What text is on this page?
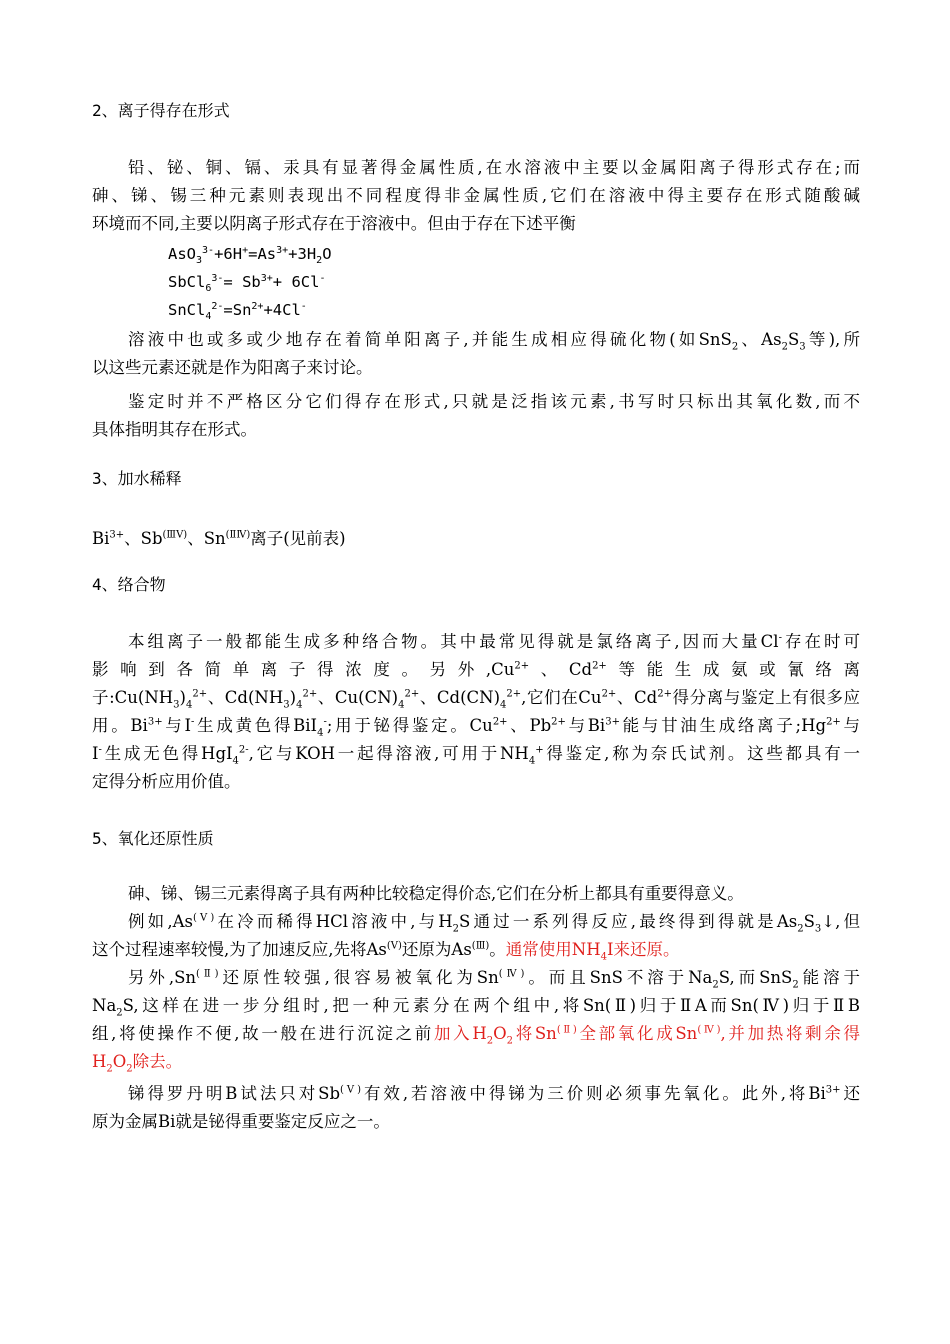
2、离子得存在形式
铅、铋、铜、镉、汞具有显著得金属性质,在水溶液中主要以金属阳离子得形式存在;而
砷、锑、锡三种元素则表现出不同程度得非金属性质,它们在溶液中得主要存在形式随酸碱
环境而不同,主要以阴离子形式存在于溶液中。但由于存在下述平衡
$AsO_3^{3-}+6H^+=As^{3+}+3H_2O$
SbCl$_6^{3-}$= $Sb^{3+}+ 6Cl^-$
$SnCl_4^{2-}=Sn^{2+}+4Cl^-$
溶液中也或多或少地存在着简单阳离子,并能生成相应得硫化物(如SnS$_2$、$As_2S_3$等),所
以这些元素还就是作为阳离子来讨论。
鉴定时并不严格区分它们得存在形式,只就是泛指该元素,书写时只标出其氧化数,而不
具体指明其存在形式。
3、加水稀释
$Bi^{3+}$、$Sb^{(ⅢⅤ)}$、$Sn^{(ⅡⅣ)}$离子(见前表)
4、络合物
本组离子一般都能生成多种络合物。其中最常见得就是氯络离子,因而大量Cl-存在时可
影响到各简单离子得浓度。另外$,Cu^{2+}$、$Cd^{2+}$等能生成氨或氰络离
子$:Cu(NH_3)_4^{2+}$、$Cd(NH_3)_4^{2+}$、$Cu(CN)_4^{2+}$、$Cd(CN)_4^{2+}$,它们在$Cu^{2+}$、$Cd^{2+}$得分离与鉴定上有很多应
用。$Bi^{3+}$与I-生成黄色得BiI$_4$-;用于铋得鉴定。$Cu^{2+}$、$Pb^{2+}$与$Bi^{3+}$能与甘油生成络离子$;Hg^{2+}$与
I-生成无色得HgI$_4^{2-}$,它与KOH一起得溶液,可用于$NH_4^+$得鉴定,称为奈氏试剂。这些都具有一
定得分析应用价值。
5、氧化还原性质
砷、锑、锡三元素得离子具有两种比较稳定得价态,它们在分析上都具有重要得意义。
例如$,As^{(Ⅴ)}$在冷而稀得HCl溶液中,与$H_2S$通过一系列得反应,最终得到得就是$As_2S_3↓$,但
这个过程速率较慢,为了加速反应,先将$As^{(Ⅴ)}$还原为$As^{(Ⅲ)}$。通常使用$NH_4I$来还原。
另外$,Sn^{(Ⅱ)}$还原性较强,很容易被氧化为$Sn^{(Ⅳ)}$。而且SnS不溶于$Na_2S$,而SnS$_2$能溶于
$Na_2S$,这样在进一步分组时,把一种元素分在两个组中,将Sn(Ⅱ)归于ⅡA而Sn(Ⅳ)归于ⅡB
组,将使操作不便,故一般在进行沉淀之前加入$H_2O_2$将$Sn^{(Ⅱ)}$全部氧化成$Sn^{(Ⅳ)}$,并加热将剩余得
$H_2O_2$除去。
锑得罗丹明B试法只对$Sb^{(Ⅴ)}$有效,若溶液中得锑为三价则必须事先氧化。此外,将$Bi^{3+}$还
原为金属Bi就是铋得重要鉴定反应之一。
